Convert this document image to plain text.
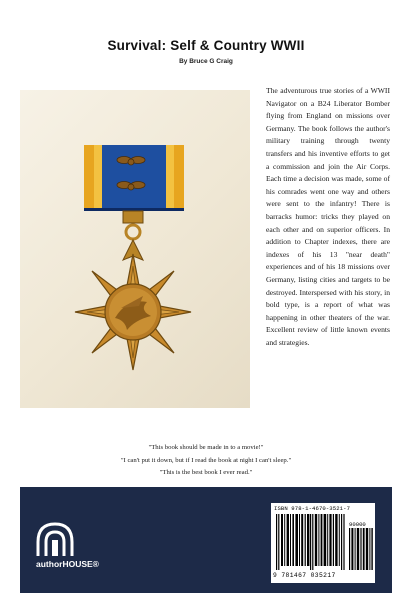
Survival: Self & Country WWII
By Bruce G Craig

The adventurous true stories of a WWII Navigator on a B24 Liberator Bomber flying from England on missions over Germany. The book follows the author's military training through twenty transfers and his inventive efforts to get a commission and join the Air Corps. Each time a decision was made, some of his comrades went one way and others were sent to the infantry! There is barracks humor: tricks they played on each other and on superior officers. In addition to Chapter indexes, there are indexes of his 13 "near death" experiences and of his 18 missions over Germany, listing cities and targets to be destroyed. Interspersed with his story, in bold type, is a report of what was happening in other theaters of the war. Excellent review of little known events and strategies.

"This book should be made in to a movie!"
"I can't put it down, but if I read the book at night I can't sleep."
"This is the best book I ever read."
authorHOUSE®
ISBN 978-1-4670-3521-7
90000
9 781467 035217
